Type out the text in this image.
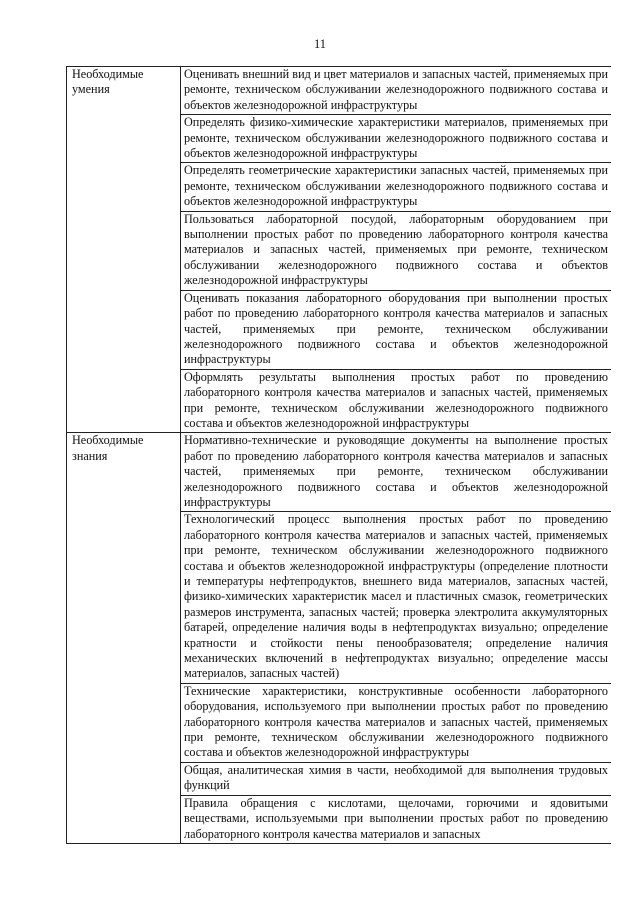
11
Необходимые умения	Оценивать внешний вид и цвет материалов и запасных частей, применяемых при ремонте, техническом обслуживании железнодорожного подвижного состава и объектов железнодорожной инфраструктуры
	Определять физико-химические характеристики материалов, применяемых при ремонте, техническом обслуживании железнодорожного подвижного состава и объектов железнодорожной инфраструктуры
	Определять геометрические характеристики запасных частей, применяемых при ремонте, техническом обслуживании железнодорожного подвижного состава и объектов железнодорожной инфраструктуры
	Пользоваться лабораторной посудой, лабораторным оборудованием при выполнении простых работ по проведению лабораторного контроля качества материалов и запасных частей, применяемых при ремонте, техническом обслуживании железнодорожного подвижного состава и объектов железнодорожной инфраструктуры
	Оценивать показания лабораторного оборудования при выполнении простых работ по проведению лабораторного контроля качества материалов и запасных частей, применяемых при ремонте, техническом обслуживании железнодорожного подвижного состава и объектов железнодорожной инфраструктуры
	Оформлять результаты выполнения простых работ по проведению лабораторного контроля качества материалов и запасных частей, применяемых при ремонте, техническом обслуживании железнодорожного подвижного состава и объектов железнодорожной инфраструктуры
Необходимые знания	Нормативно-технические и руководящие документы на выполнение простых работ по проведению лабораторного контроля качества материалов и запасных частей, применяемых при ремонте, техническом обслуживании железнодорожного подвижного состава и объектов железнодорожной инфраструктуры
	Технологический процесс выполнения простых работ по проведению лабораторного контроля качества материалов и запасных частей, применяемых при ремонте, техническом обслуживании железнодорожного подвижного состава и объектов железнодорожной инфраструктуры (определение плотности и температуры нефтепродуктов, внешнего вида материалов, запасных частей, физико-химических характеристик масел и пластичных смазок, геометрических размеров инструмента, запасных частей; проверка электролита аккумуляторных батарей, определение наличия воды в нефтепродуктах визуально; определение кратности и стойкости пены пенообразователя; определение наличия механических включений в нефтепродуктах визуально; определение массы материалов, запасных частей)
	Технические характеристики, конструктивные особенности лабораторного оборудования, используемого при выполнении простых работ по проведению лабораторного контроля качества материалов и запасных частей, применяемых при ремонте, техническом обслуживании железнодорожного подвижного состава и объектов железнодорожной инфраструктуры
	Общая, аналитическая химия в части, необходимой для выполнения трудовых функций
	Правила обращения с кислотами, щелочами, горючими и ядовитыми веществами, используемыми при выполнении простых работ по проведению лабораторного контроля качества материалов и запасных
